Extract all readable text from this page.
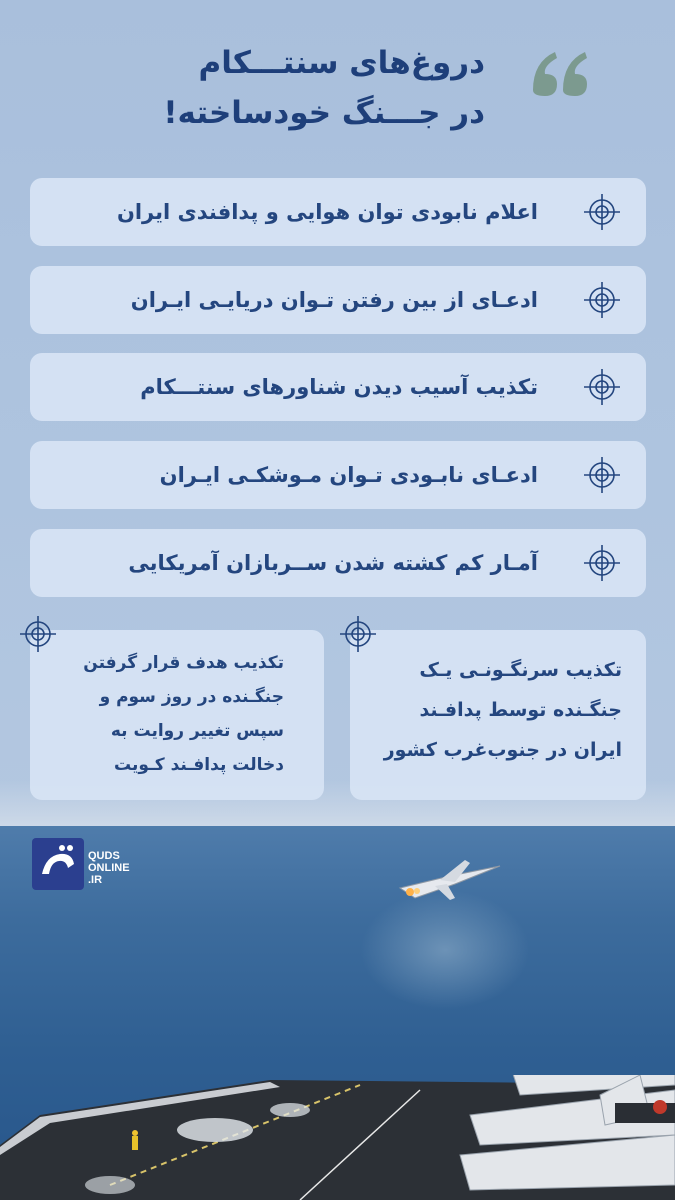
دروغ‌های سنتـــکام
در جـــنگ خودساخته!
اعلام نابودی توان هوایی و پدافندی ایران
ادعـای از بین رفتن تـوان دریایـی ایـران
تکذیب آسیب دیدن شناورهای سنتـــکام
ادعـای نابـودی تـوان مـوشکـی ایـران
آمـار کم کشته شدن ســربازان آمریکایی
تکذیب هدف قرار گرفتن
جنگـنده در روز سوم و
سپس تغییر روایت به
دخالت پدافـند کـویت
تکذیب سرنگـونـی یـک
جنگـنده توسط پدافـند
ایران در جنوب‌غرب کشور
QUDS
ONLINE
.IR
